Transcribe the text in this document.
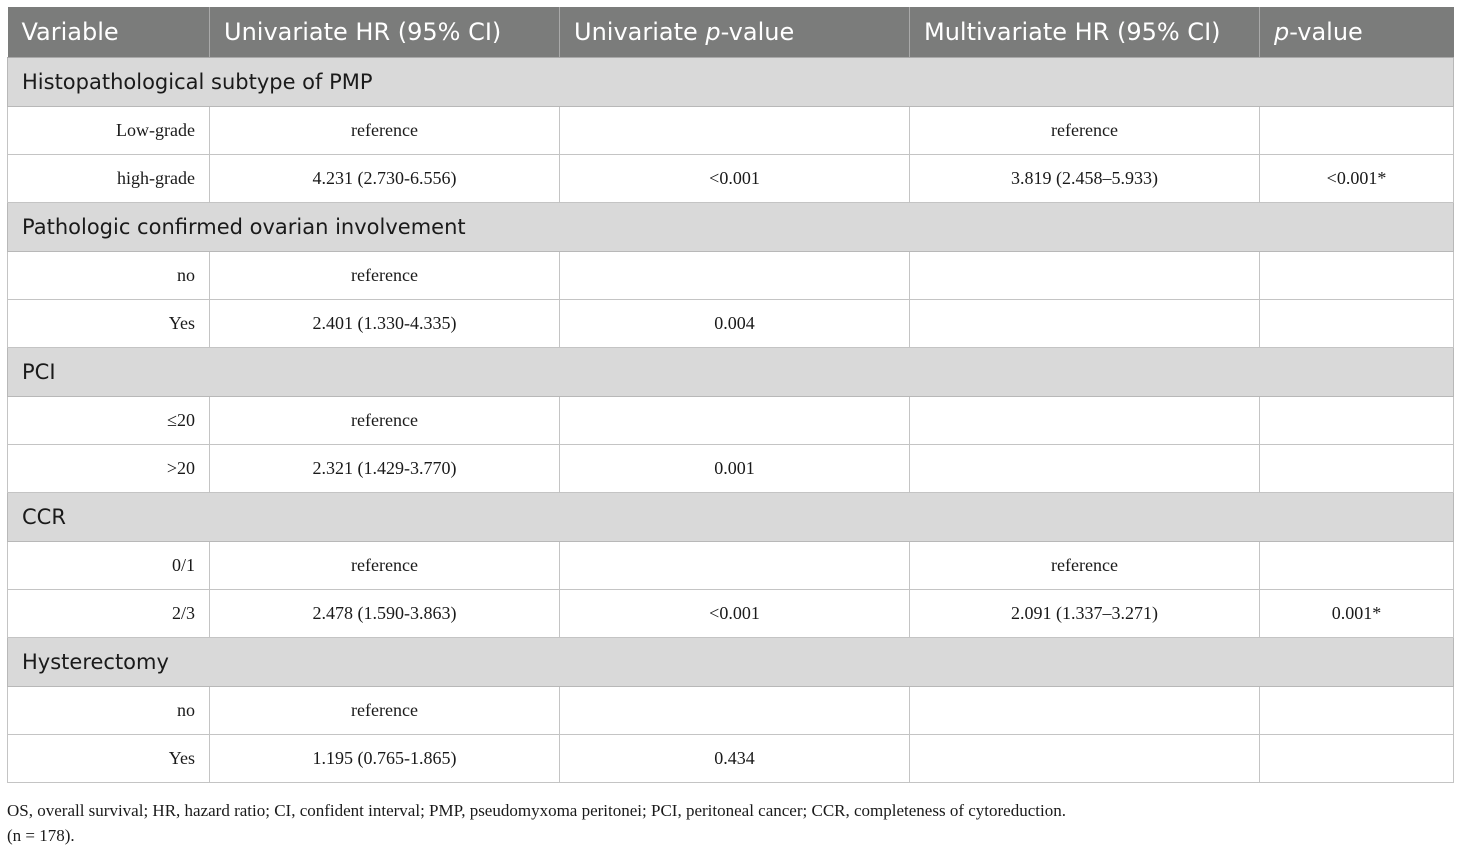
Variable	Univariate HR (95% CI)	Univariate p-value	Multivariate HR (95% CI)	p-value
Histopathological subtype of PMP				
Low-grade	reference		reference	
high-grade	4.231 (2.730-6.556)	<0.001	3.819 (2.458–5.933)	<0.001*
Pathologic confirmed ovarian involvement				
no	reference			
Yes	2.401 (1.330-4.335)	0.004		
PCI				
≤20	reference			
>20	2.321 (1.429-3.770)	0.001		
CCR				
0/1	reference		reference	
2/3	2.478 (1.590-3.863)	<0.001	2.091 (1.337–3.271)	0.001*
Hysterectomy				
no	reference			
Yes	1.195 (0.765-1.865)	0.434		
OS, overall survival; HR, hazard ratio; CI, confident interval; PMP, pseudomyxoma peritonei; PCI, peritoneal cancer; CCR, completeness of cytoreduction.
(n = 178).
